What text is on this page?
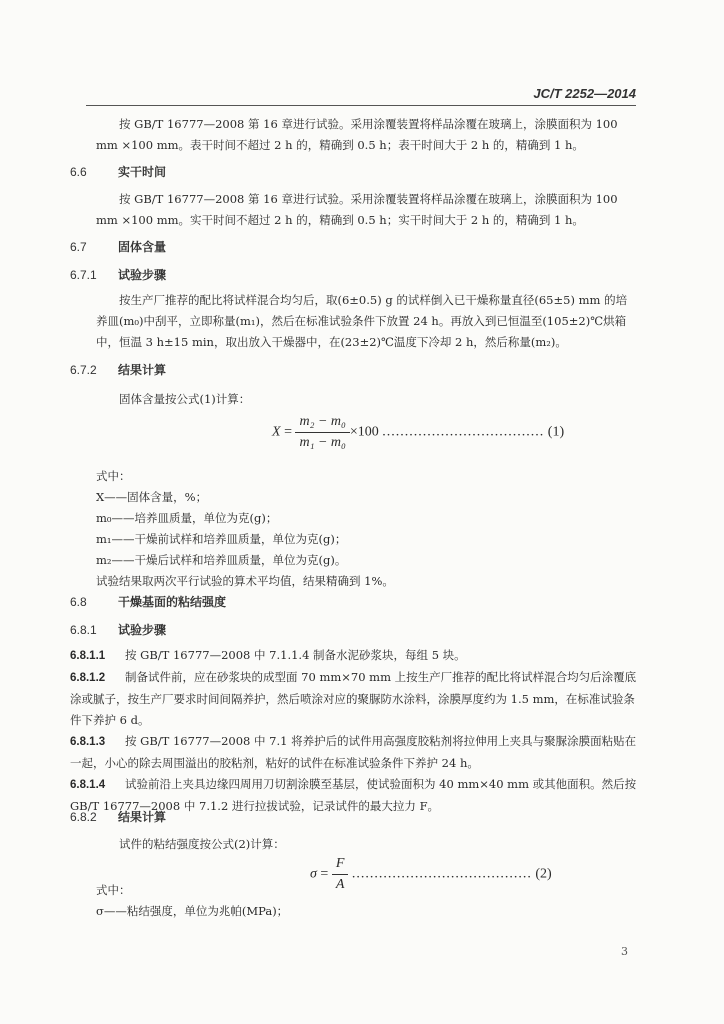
JC/T 2252—2014

按 GB/T 16777—2008 第 16 章进行试验。采用涂覆装置将样品涂覆在玻璃上，涂膜面积为 100 mm ×100 mm。表干时间不超过 2 h 的，精确到 0.5 h；表干时间大于 2 h 的，精确到 1 h。

6.6	实干时间

按 GB/T 16777—2008 第 16 章进行试验。采用涂覆装置将样品涂覆在玻璃上，涂膜面积为 100 mm ×100 mm。实干时间不超过 2 h 的，精确到 0.5 h；实干时间大于 2 h 的，精确到 1 h。

6.7	固体含量
6.7.1 试验步骤

按生产厂推荐的配比将试样混合均匀后，取(6±0.5) g 的试样倒入已干燥称量直径(65±5) mm 的培养皿(m₀)中刮平，立即称量(m₁)，然后在标准试验条件下放置 24 h。再放入到已恒温至(105±2)℃烘箱中，恒温 3 h±15 min，取出放入干燥器中，在(23±2)℃温度下冷却 2 h，然后称量(m₂)。

6.7.2 结果计算

固体含量按公式(1)计算：

$X = \frac{\text{m₂ − m₀}}{\text{m₁ − m₀}} \times 100$ .................................... (1)
式中：
X——固体含量，%；
m₀——培养皿质量，单位为克(g)；
m₁——干燥前试样和培养皿质量，单位为克(g)；
m₂——干燥后试样和培养皿质量，单位为克(g)。
试验结果取两次平行试验的算术平均值，结果精确到 1%。
6.8	干燥基面的粘结强度
6.8.1 试验步骤

6.8.1.1 按 GB/T 16777—2008 中 7.1.1.4 制备水泥砂浆块，每组 5 块。

6.8.1.2 制备试件前，应在砂浆块的成型面 70 mm×70 mm 上按生产厂推荐的配比将试样混合均匀后涂覆底涂或腻子，按生产厂要求时间间隔养护，然后喷涂对应的聚脲防水涂料，涂膜厚度约为 1.5 mm，在标准试验条件下养护 6 d。

6.8.1.3 按 GB/T 16777—2008 中 7.1 将养护后的试件用高强度胶粘剂将拉伸用上夹具与聚脲涂膜面粘贴在一起，小心的除去周围溢出的胶粘剂，粘好的试件在标准试验条件下养护 24 h。

6.8.1.4 试验前沿上夹具边缘四周用刀切割涂膜至基层，使试验面积为 40 mm×40 mm 或其他面积。然后按 GB/T 16777—2008 中 7.1.2 进行拉拔试验，记录试件的最大拉力 F。

6.8.2 结果计算

试件的粘结强度按公式(2)计算：

$\sigma = \frac{F}{A}$ ........................................ (2)
式中：
σ——粘结强度，单位为兆帕(MPa)；
3
